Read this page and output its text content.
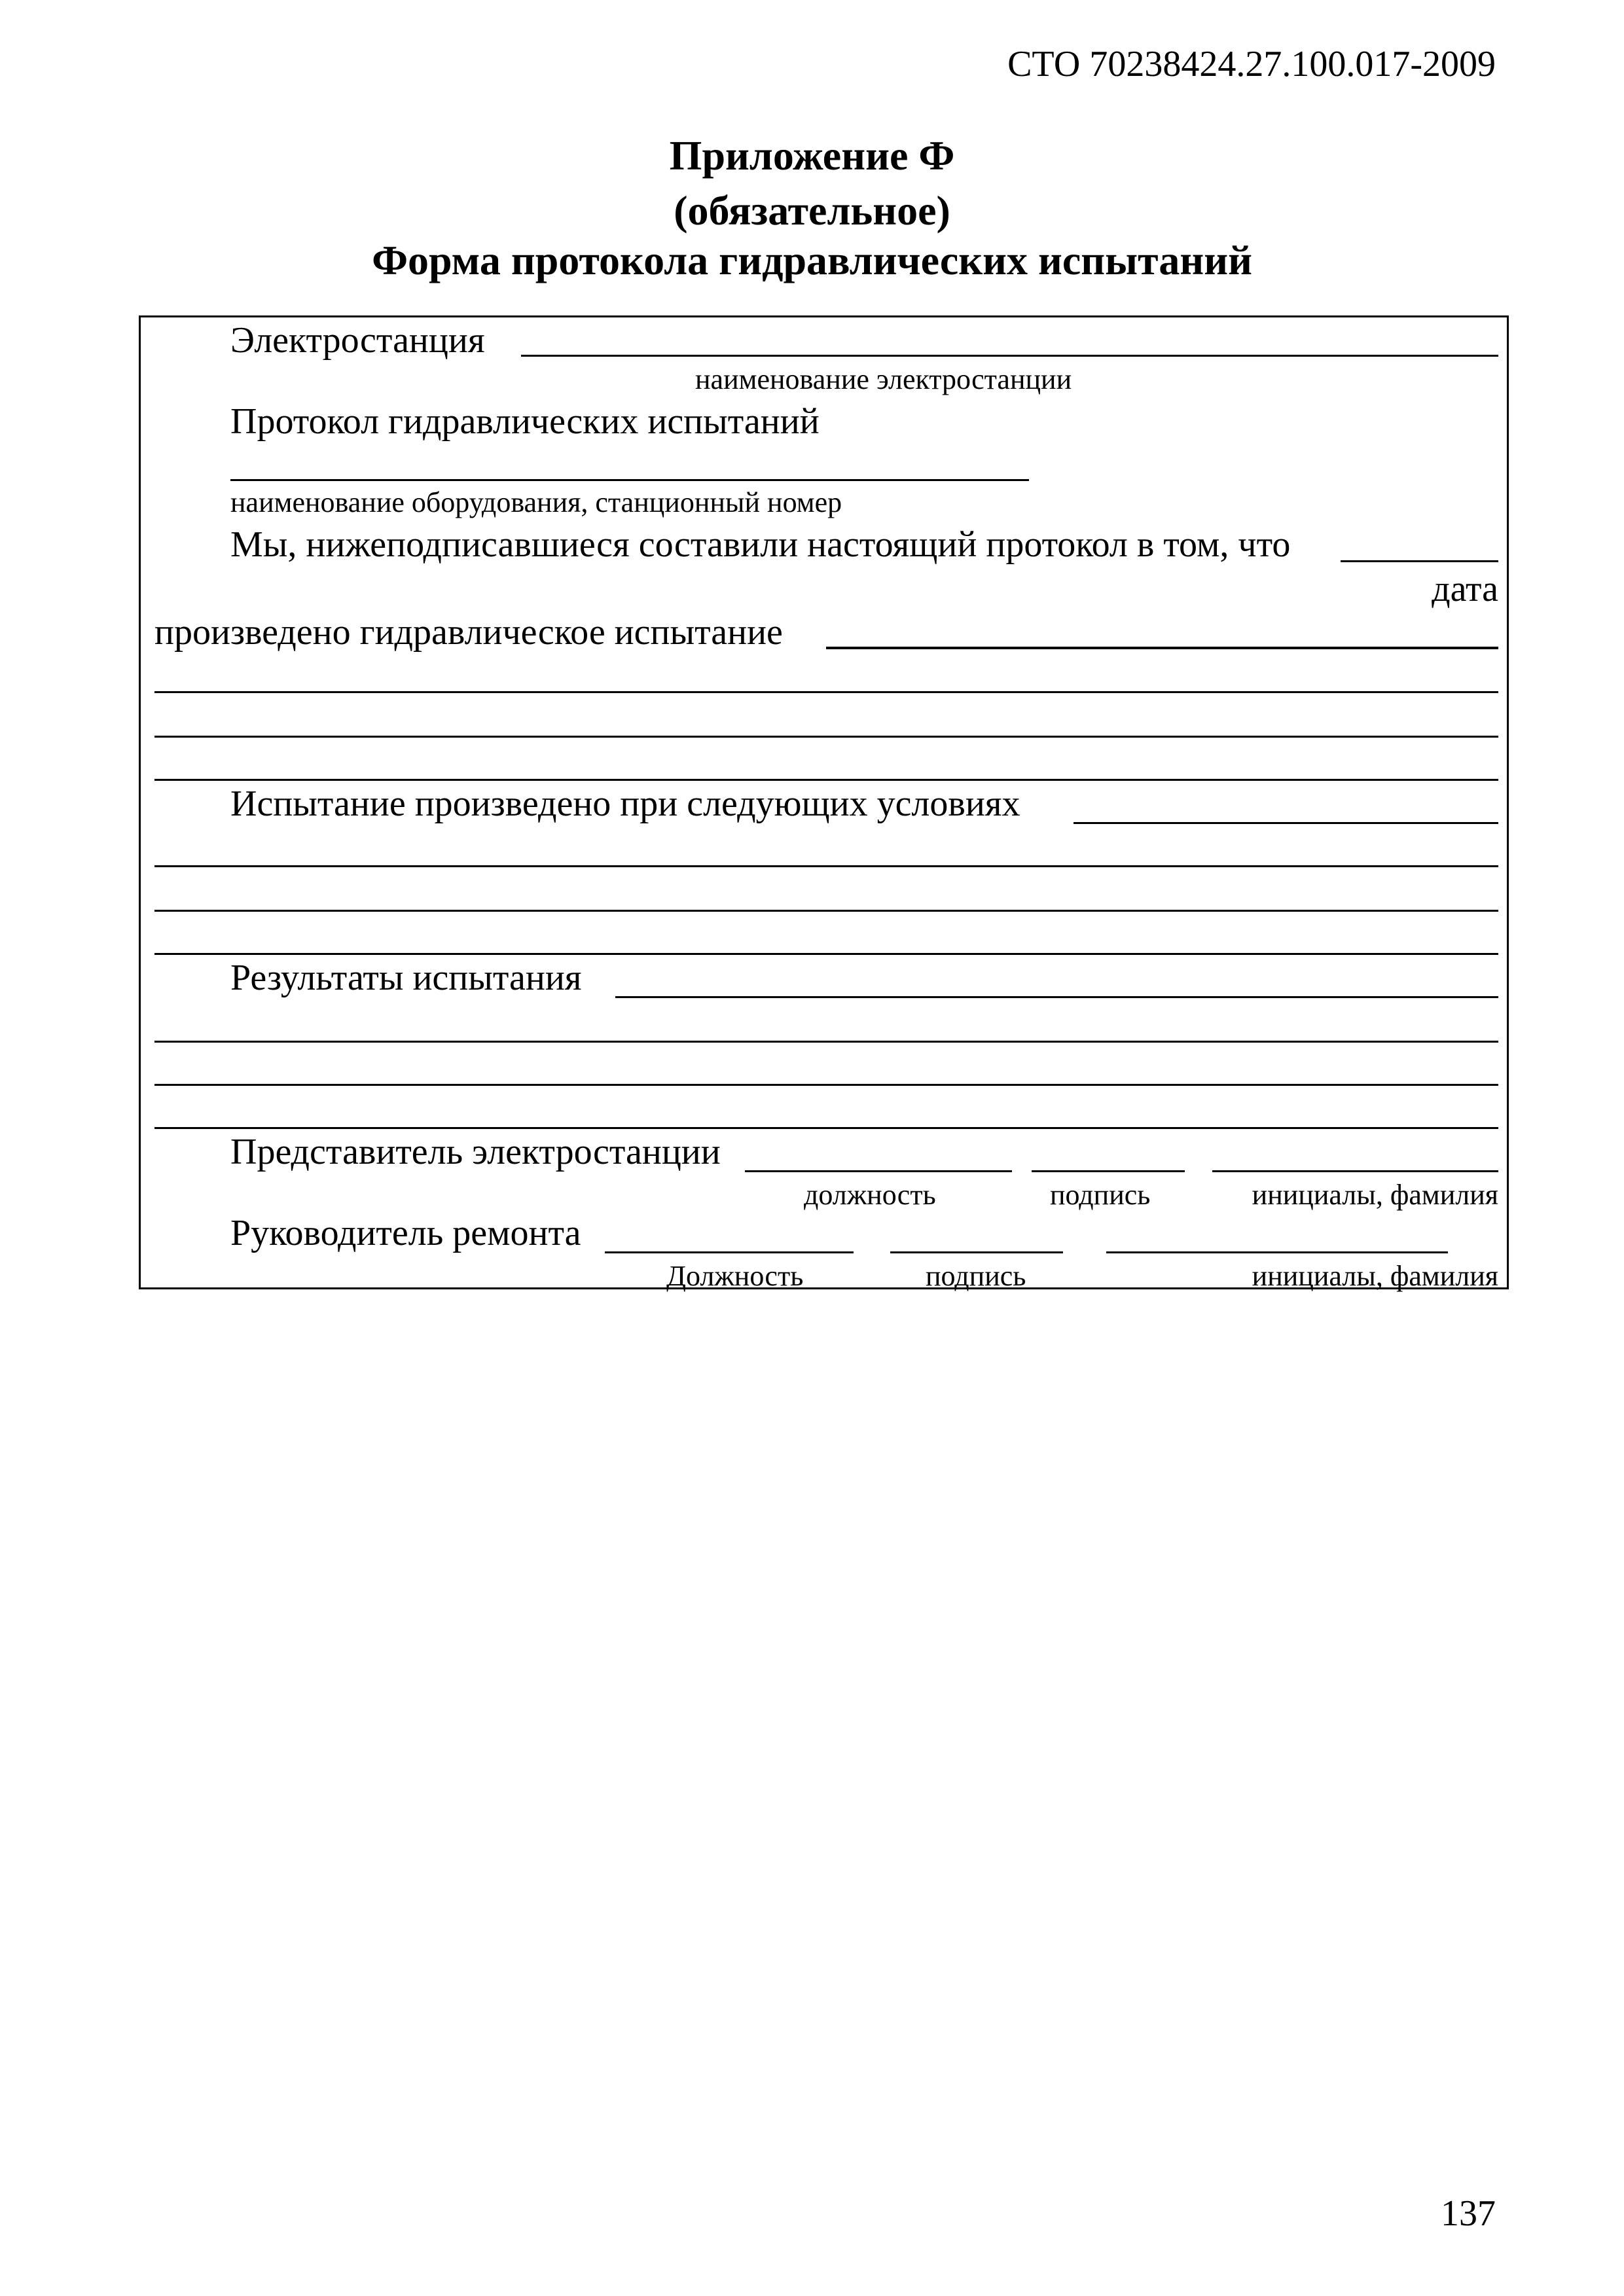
СТО 70238424.27.100.017-2009
Приложение Ф
(обязательное)
Форма протокола гидравлических испытаний
Электростанция
наименование электростанции
Протокол гидравлических испытаний
наименование оборудования, станционный номер
Мы, нижеподписавшиеся составили настоящий протокол в том, что
дата
произведено гидравлическое испытание
Испытание произведено при следующих условиях
Результаты испытания
Представитель электростанции
должность	подпись	инициалы, фамилия
Руководитель ремонта
Должность	подпись	инициалы, фамилия
137
